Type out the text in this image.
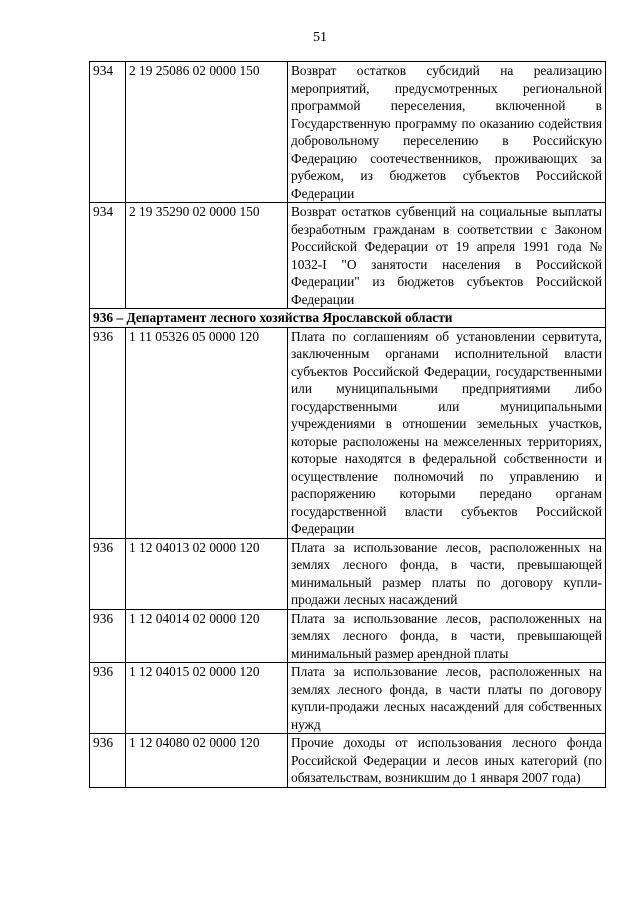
51
934	2 19 25086 02 0000 150	Возврат остатков субсидий на реализацию мероприятий, предусмотренных региональной программой переселения, включенной в Государственную программу по оказанию содействия добровольному переселению в Российскую Федерацию соотечественников, проживающих за рубежом, из бюджетов субъектов Российской Федерации
934	2 19 35290 02 0000 150	Возврат остатков субвенций на социальные выплаты безработным гражданам в соответствии с Законом Российской Федерации от 19 апреля 1991 года № 1032-I "О занятости населения в Российской Федерации" из бюджетов субъектов Российской Федерации
936 – Департамент лесного хозяйства Ярославской области		
936	1 11 05326 05 0000 120	Плата по соглашениям об установлении сервитута, заключенным органами исполнительной власти субъектов Российской Федерации, государственными или муниципальными предприятиями либо государственными или муниципальными учреждениями в отношении земельных участков, которые расположены на межселенных территориях, которые находятся в федеральной собственности и осуществление полномочий по управлению и распоряжению которыми передано органам государственной власти субъектов Российской Федерации
936	1 12 04013 02 0000 120	Плата за использование лесов, расположенных на землях лесного фонда, в части, превышающей минимальный размер платы по договору купли-продажи лесных насаждений
936	1 12 04014 02 0000 120	Плата за использование лесов, расположенных на землях лесного фонда, в части, превышающей минимальный размер арендной платы
936	1 12 04015 02 0000 120	Плата за использование лесов, расположенных на землях лесного фонда, в части платы по договору купли-продажи лесных насаждений для собственных нужд
936	1 12 04080 02 0000 120	Прочие доходы от использования лесного фонда Российской Федерации и лесов иных категорий (по обязательствам, возникшим до 1 января 2007 года)
